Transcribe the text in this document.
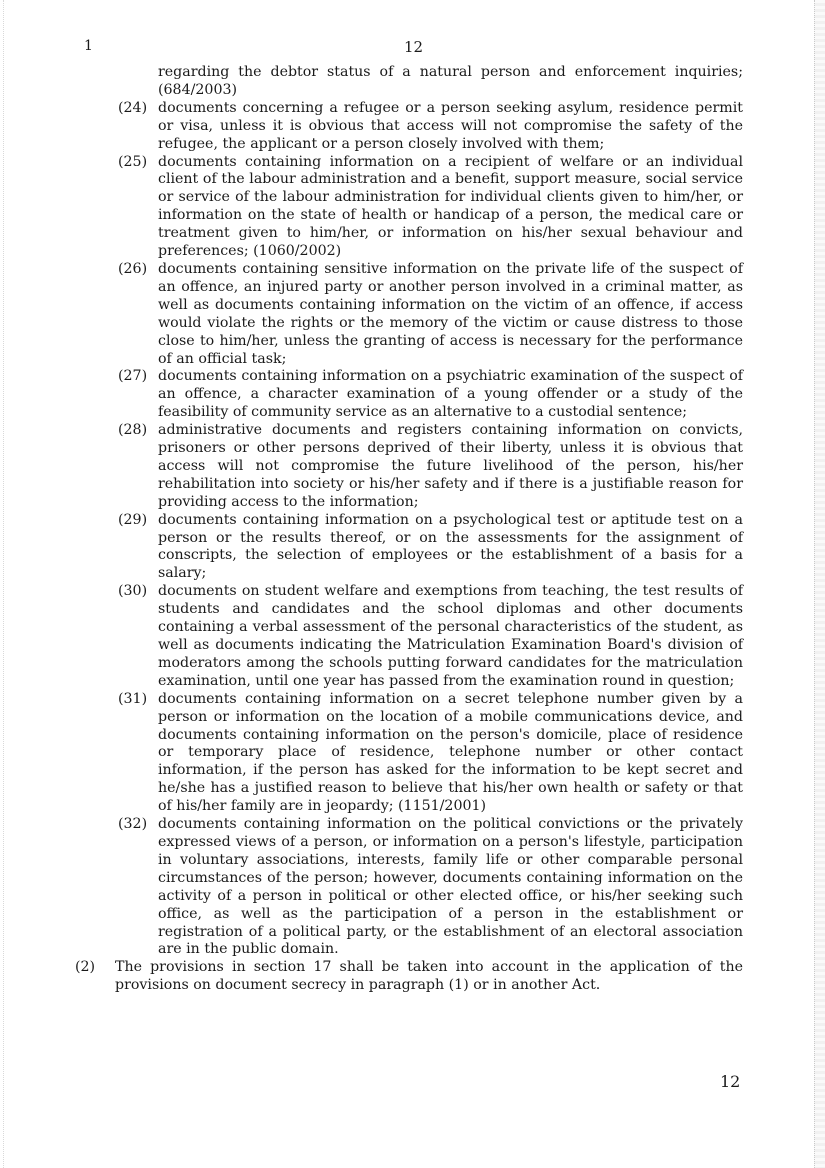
1	12

regarding the debtor status of a natural person and enforcement inquiries; (684/2003)

(24) documents concerning a refugee or a person seeking asylum, residence permit or visa, unless it is obvious that access will not compromise the safety of the refugee, the applicant or a person closely involved with them;

(25) documents containing information on a recipient of welfare or an individual client of the labour administration and a benefit, support measure, social service or service of the labour administration for individual clients given to him/her, or information on the state of health or handicap of a person, the medical care or treatment given to him/her, or information on his/her sexual behaviour and preferences; (1060/2002)

(26) documents containing sensitive information on the private life of the suspect of an offence, an injured party or another person involved in a criminal matter, as well as documents containing information on the victim of an offence, if access would violate the rights or the memory of the victim or cause distress to those close to him/her, unless the granting of access is necessary for the performance of an official task;

(27) documents containing information on a psychiatric examination of the suspect of an offence, a character examination of a young offender or a study of the feasibility of community service as an alternative to a custodial sentence;

(28) administrative documents and registers containing information on convicts, prisoners or other persons deprived of their liberty, unless it is obvious that access will not compromise the future livelihood of the person, his/her rehabilitation into society or his/her safety and if there is a justifiable reason for providing access to the information;

(29) documents containing information on a psychological test or aptitude test on a person or the results thereof, or on the assessments for the assignment of conscripts, the selection of employees or the establishment of a basis for a salary;

(30) documents on student welfare and exemptions from teaching, the test results of students and candidates and the school diplomas and other documents containing a verbal assessment of the personal characteristics of the student, as well as documents indicating the Matriculation Examination Board's division of moderators among the schools putting forward candidates for the matriculation examination, until one year has passed from the examination round in question;

(31) documents containing information on a secret telephone number given by a person or information on the location of a mobile communications device, and documents containing information on the person's domicile, place of residence or temporary place of residence, telephone number or other contact information, if the person has asked for the information to be kept secret and he/she has a justified reason to believe that his/her own health or safety or that of his/her family are in jeopardy; (1151/2001)

(32) documents containing information on the political convictions or the privately expressed views of a person, or information on a person's lifestyle, participation in voluntary associations, interests, family life or other comparable personal circumstances of the person; however, documents containing information on the activity of a person in political or other elected office, or his/her seeking such office, as well as the participation of a person in the establishment or registration of a political party, or the establishment of an electoral association are in the public domain.

(2) The provisions in section 17 shall be taken into account in the application of the provisions on document secrecy in paragraph (1) or in another Act.

12
